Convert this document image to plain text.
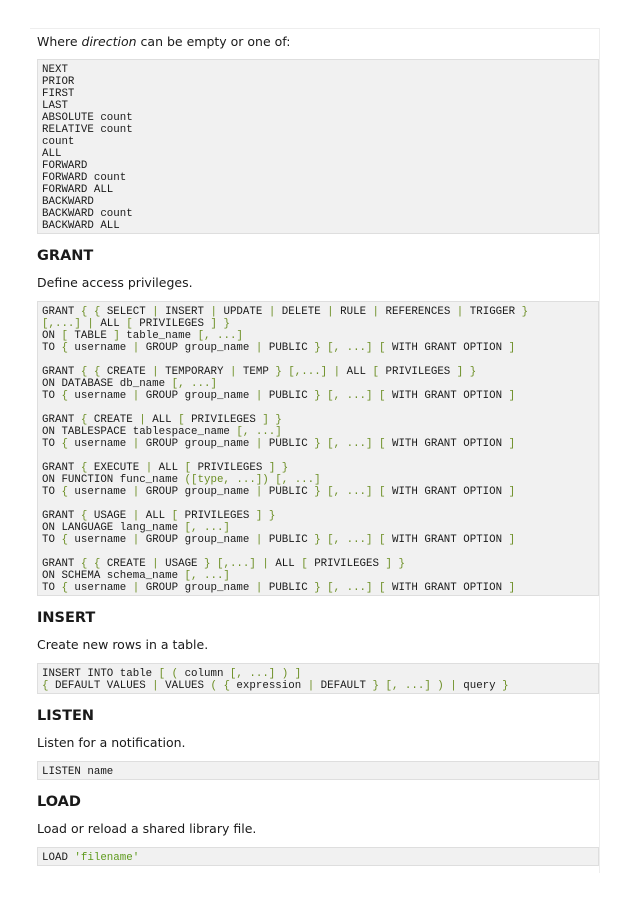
Where direction can be empty or one of:

NEXT
PRIOR
FIRST
LAST
ABSOLUTE count
RELATIVE count
count
ALL
FORWARD
FORWARD count
FORWARD ALL
BACKWARD
BACKWARD count
BACKWARD ALL
GRANT

Define access privileges.

GRANT { { SELECT | INSERT | UPDATE | DELETE | RULE | REFERENCES | TRIGGER }
[,...] | ALL [ PRIVILEGES ] }
ON [ TABLE ] table_name [, ...]
TO { username | GROUP group_name | PUBLIC } [, ...] [ WITH GRANT OPTION ]

GRANT { { CREATE | TEMPORARY | TEMP } [,...] | ALL [ PRIVILEGES ] }
ON DATABASE db_name [, ...]
TO { username | GROUP group_name | PUBLIC } [, ...] [ WITH GRANT OPTION ]

GRANT { CREATE | ALL [ PRIVILEGES ] }
ON TABLESPACE tablespace_name [, ...]
TO { username | GROUP group_name | PUBLIC } [, ...] [ WITH GRANT OPTION ]

GRANT { EXECUTE | ALL [ PRIVILEGES ] }
ON FUNCTION func_name ([type, ...]) [, ...]
TO { username | GROUP group_name | PUBLIC } [, ...] [ WITH GRANT OPTION ]

GRANT { USAGE | ALL [ PRIVILEGES ] }
ON LANGUAGE lang_name [, ...]
TO { username | GROUP group_name | PUBLIC } [, ...] [ WITH GRANT OPTION ]

GRANT { { CREATE | USAGE } [,...] | ALL [ PRIVILEGES ] }
ON SCHEMA schema_name [, ...]
TO { username | GROUP group_name | PUBLIC } [, ...] [ WITH GRANT OPTION ]
INSERT

Create new rows in a table.

INSERT INTO table [ ( column [, ...] ) ]
{ DEFAULT VALUES | VALUES ( { expression | DEFAULT } [, ...] ) | query }
LISTEN

Listen for a notification.

LISTEN name
LOAD

Load or reload a shared library file.

LOAD 'filename'
